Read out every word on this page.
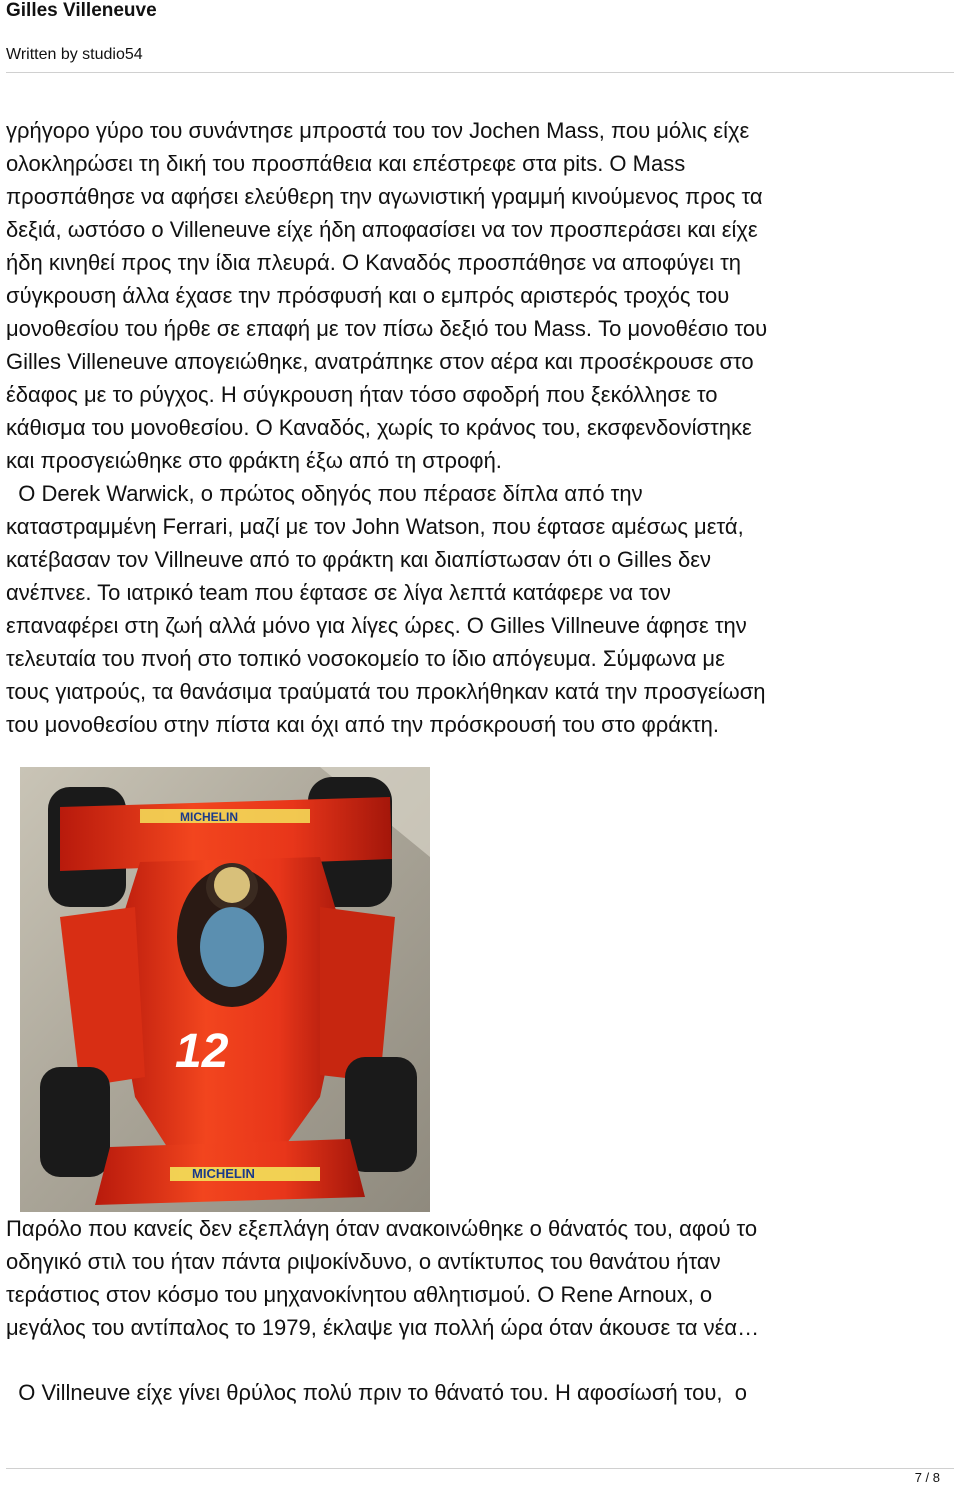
Gilles Villeneuve
Written by studio54
γρήγορο γύρο του συνάντησε μπροστά του τον Jochen Mass, που μόλις είχε
ολοκληρώσει τη δική του προσπάθεια και επέστρεφε στα pits. O Mass
προσπάθησε να αφήσει ελεύθερη την αγωνιστική γραμμή κινούμενος προς τα
δεξιά, ωστόσο ο Villeneuve είχε ήδη αποφασίσει να τον προσπεράσει και είχε
ήδη κινηθεί προς την ίδια πλευρά. Ο Καναδός προσπάθησε να αποφύγει τη
σύγκρουση άλλα έχασε την πρόσφυσή και ο εμπρός αριστερός τροχός του
μονοθεσίου του ήρθε σε επαφή με τον πίσω δεξιό του Mass. Το μονοθέσιο του
Gilles Villeneuve απογειώθηκε, ανατράπηκε στον αέρα και προσέκρουσε στο
έδαφος με το ρύγχος. Η σύγκρουση ήταν τόσο σφοδρή που ξεκόλλησε το
κάθισμα του μονοθεσίου. Ο Καναδός, χωρίς το κράνος του, εκσφενδονίστηκε
και προσγειώθηκε στο φράκτη έξω από τη στροφή.
Ο Derek Warwick, ο πρώτος οδηγός που πέρασε δίπλα από την
καταστραμμένη Ferrari, μαζί με τον John Watson, που έφτασε αμέσως μετά,
κατέβασαν τον Villneuve από το φράκτη και διαπίστωσαν ότι ο Gilles δεν
ανέπνεε. Το ιατρικό team που έφτασε σε λίγα λεπτά κατάφερε να τον
επαναφέρει στη ζωή αλλά μόνο για λίγες ώρες. Ο Gilles Villneuve άφησε την
τελευταία του πνοή στο τοπικό νοσοκομείο το ίδιο απόγευμα. Σύμφωνα με
τους γιατρούς, τα θανάσιμα τραύματά του προκλήθηκαν κατά την προσγείωση
του μονοθεσίου στην πίστα και όχι από την πρόσκρουσή του στο φράκτη.
12
MICHELIN
MICHELIN
Παρόλο που κανείς δεν εξεπλάγη όταν ανακοινώθηκε ο θάνατός του, αφού το
οδηγικό στιλ του ήταν πάντα ριψοκίνδυνο, ο αντίκτυπος του θανάτου ήταν
τεράστιος στον κόσμο του μηχανοκίνητου αθλητισμού. Ο Rene Arnoux, ο
μεγάλος του αντίπαλος το 1979, έκλαψε για πολλή ώρα όταν άκουσε τα νέα…
Ο Villneuve είχε γίνει θρύλος πολύ πριν το θάνατό του. Η αφοσίωσή του,  ο
7 / 8
